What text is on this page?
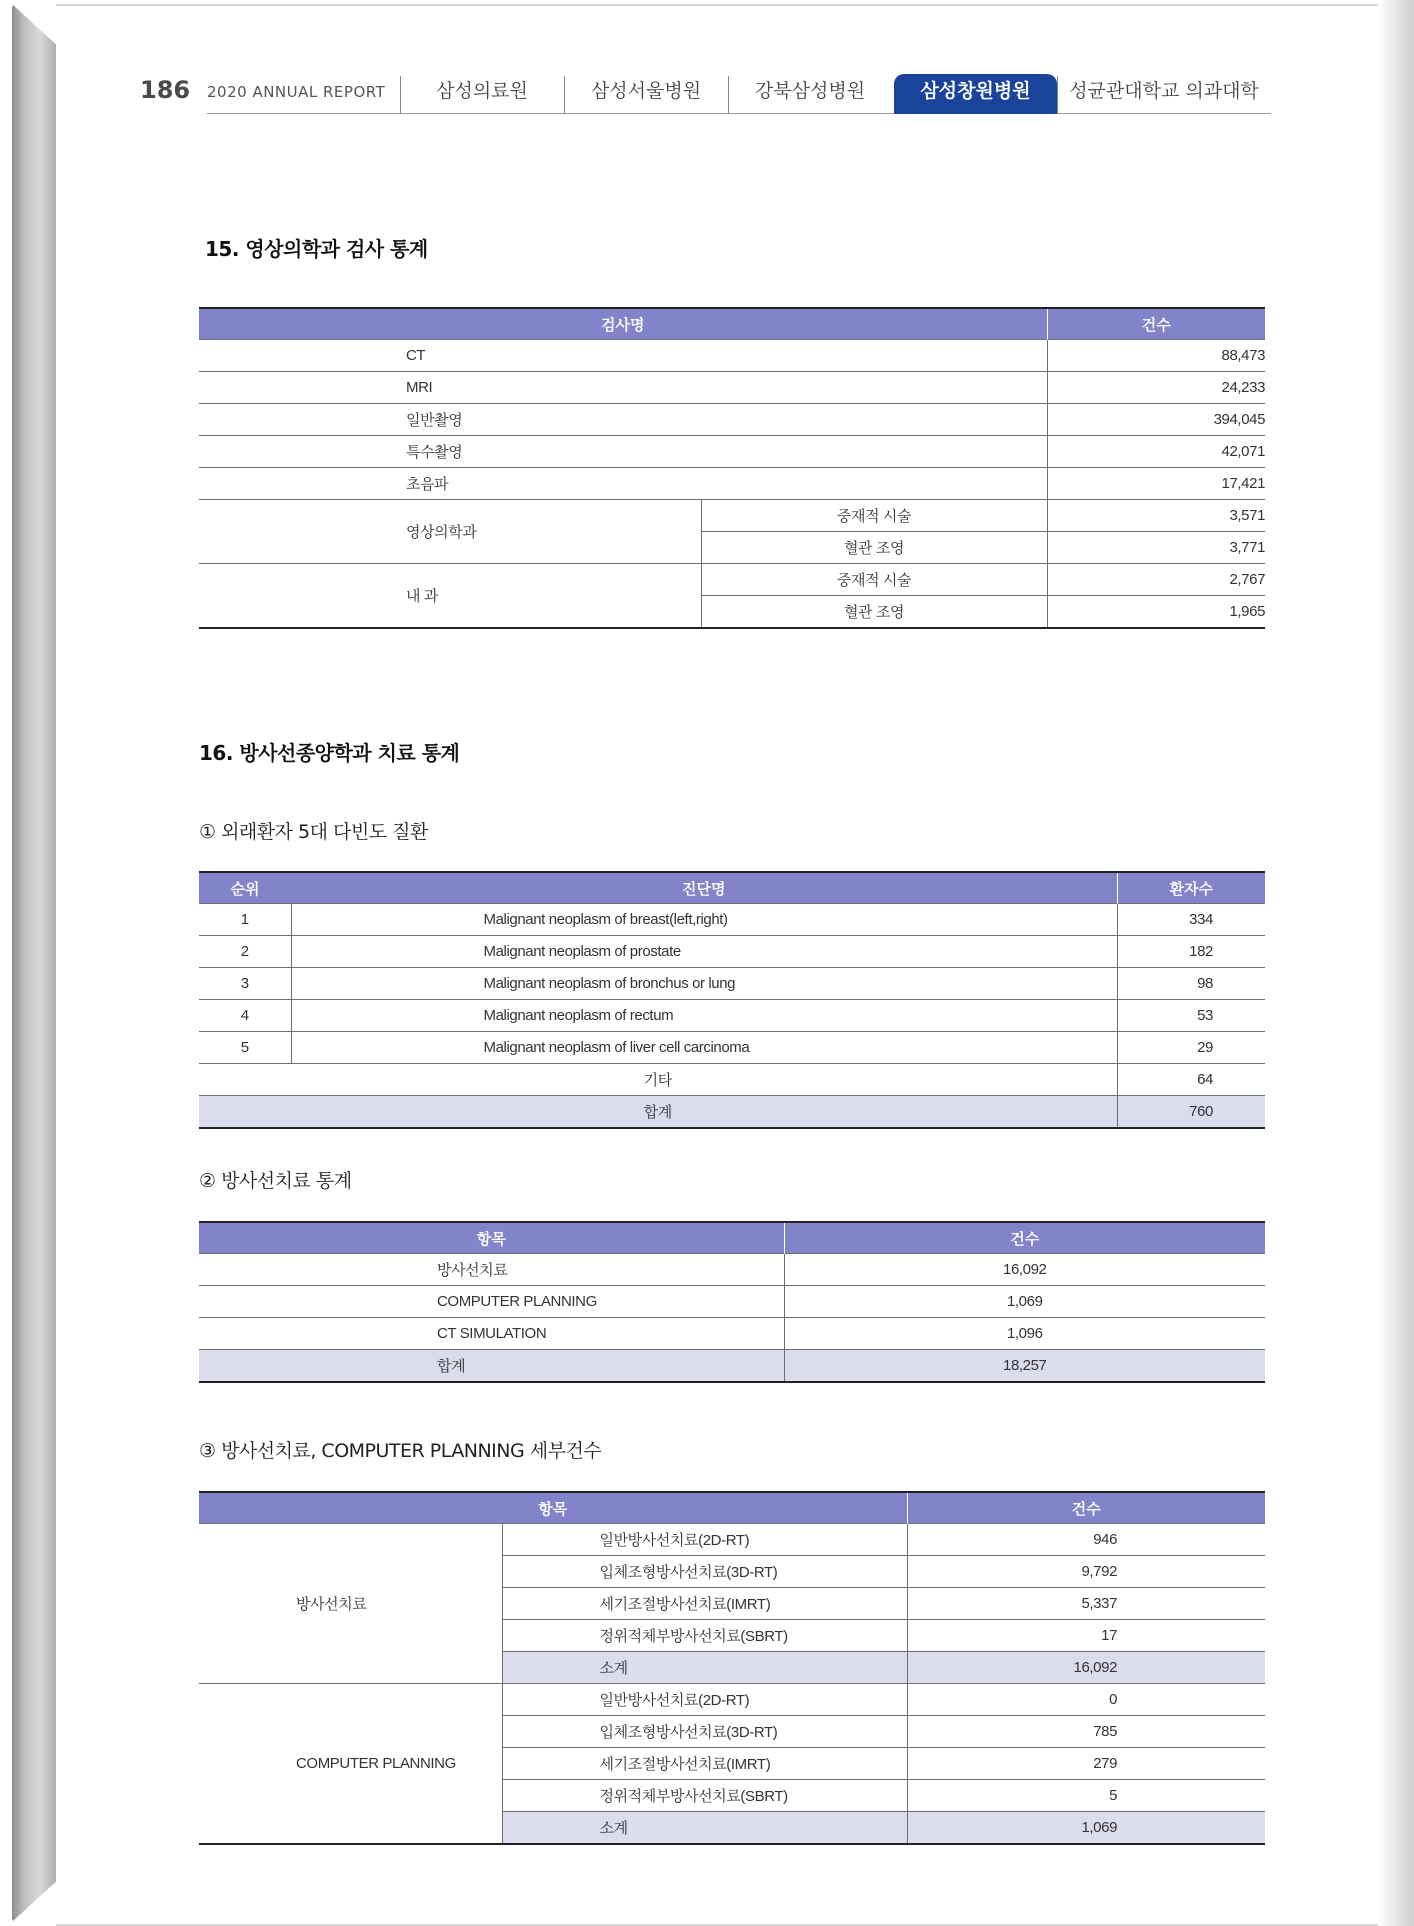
186 2020 ANNUAL REPORT	삼성의료원	삼성서울병원	강북삼성병원	삼성창원병원	성균관대학교 의과대학
15. 영상의학과 검사 통계
검사명		건수
CT		88,473
MRI		24,233
일반촬영		394,045
특수촬영		42,071
초음파		17,421
영상의학과	중재적 시술	3,571
	혈관 조영	3,771
내 과	중재적 시술	2,767
	혈관 조영	1,965
16. 방사선종양학과 치료 통계
① 외래환자 5대 다빈도 질환
순위	진단명	환자수
1	Malignant neoplasm of breast(left,right)	334
2	Malignant neoplasm of prostate	182
3	Malignant neoplasm of bronchus or lung	98
4	Malignant neoplasm of rectum	53
5	Malignant neoplasm of liver cell carcinoma	29
기타		64
합계		760
② 방사선치료 통계
항목	건수
방사선치료	16,092
COMPUTER PLANNING	1,069
CT SIMULATION	1,096
합계	18,257
③ 방사선치료, COMPUTER PLANNING 세부건수
항목		건수
방사선치료	일반방사선치료(2D-RT)	946
	입체조형방사선치료(3D-RT)	9,792
	세기조절방사선치료(IMRT)	5,337
	정위적체부방사선치료(SBRT)	17
	소계	16,092
COMPUTER PLANNING	일반방사선치료(2D-RT)	0
	입체조형방사선치료(3D-RT)	785
	세기조절방사선치료(IMRT)	279
	정위적체부방사선치료(SBRT)	5
	소계	1,069
